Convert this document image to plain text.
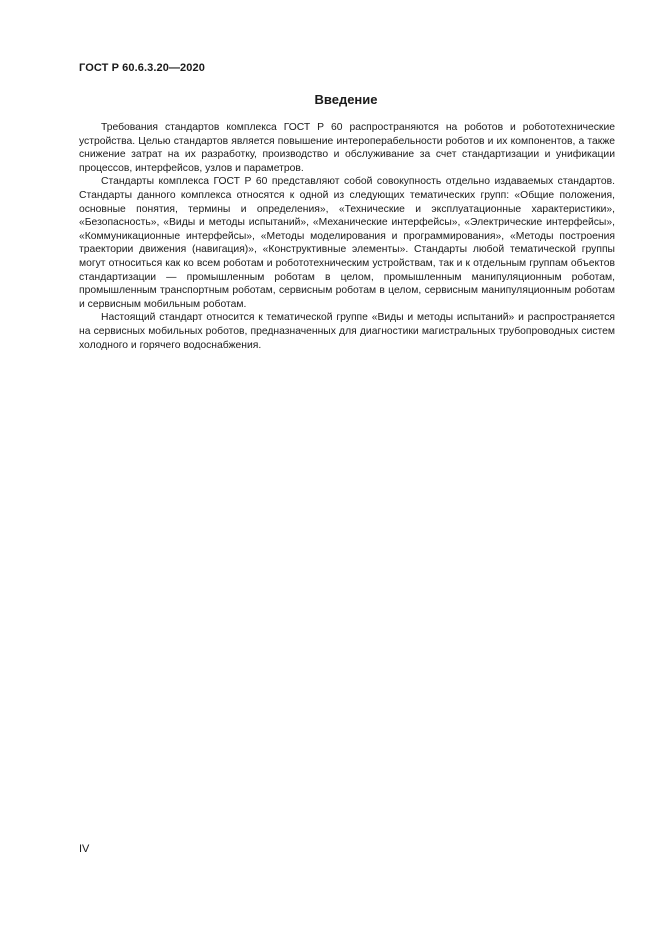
ГОСТ Р 60.6.3.20—2020
Введение

Требования стандартов комплекса ГОСТ Р 60 распространяются на роботов и робототехнические устройства. Целью стандартов является повышение интероперабельности роботов и их компонентов, а также снижение затрат на их разработку, производство и обслуживание за счет стандартизации и унификации процессов, интерфейсов, узлов и параметров.

Стандарты комплекса ГОСТ Р 60 представляют собой совокупность отдельно издаваемых стандартов. Стандарты данного комплекса относятся к одной из следующих тематических групп: «Общие положения, основные понятия, термины и определения», «Технические и эксплуатационные характеристики», «Безопасность», «Виды и методы испытаний», «Механические интерфейсы», «Электрические интерфейсы», «Коммуникационные интерфейсы», «Методы моделирования и программирования», «Методы построения траектории движения (навигация)», «Конструктивные элементы». Стандарты любой тематической группы могут относиться как ко всем роботам и робототехническим устройствам, так и к отдельным группам объектов стандартизации — промышленным роботам в целом, промышленным манипуляционным роботам, промышленным транспортным роботам, сервисным роботам в целом, сервисным манипуляционным роботам и сервисным мобильным роботам.

Настоящий стандарт относится к тематической группе «Виды и методы испытаний» и распространяется на сервисных мобильных роботов, предназначенных для диагностики магистральных трубопроводных систем холодного и горячего водоснабжения.

IV
